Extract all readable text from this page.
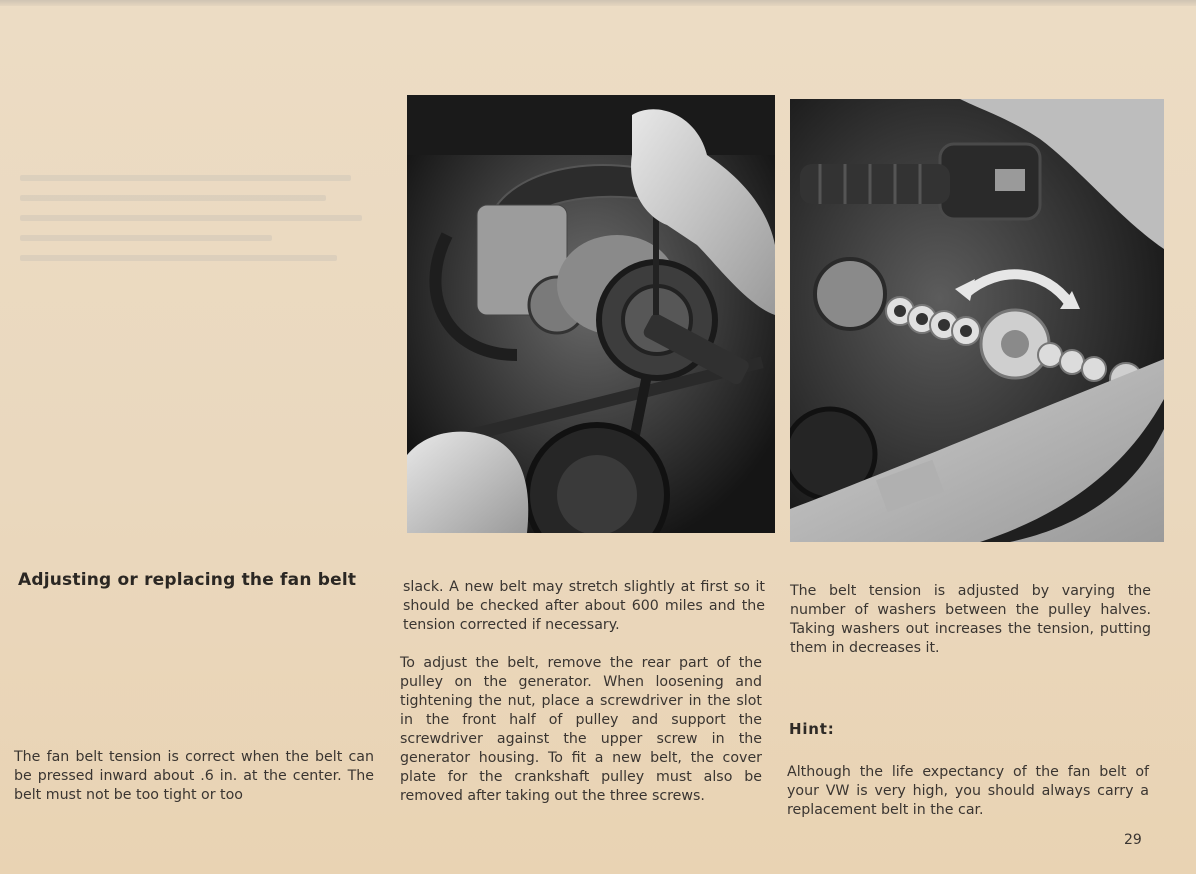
Adjusting or replacing the fan belt

The fan belt tension is correct when the belt can be pressed inward about .6 in. at the center. The belt must not be too tight or too

slack. A new belt may stretch slightly at first so it should be checked after about 600 miles and the tension corrected if necessary.

To adjust the belt, remove the rear part of the pulley on the generator. When loosening and tightening the nut, place a screwdriver in the slot in the front half of pulley and support the screwdriver against the upper screw in the generator housing. To fit a new belt, the cover plate for the crankshaft pulley must also be removed after taking out the three screws.

The belt tension is adjusted by varying the number of washers between the pulley halves. Taking washers out increases the tension, putting them in decreases it.

Hint:

Although the life expectancy of the fan belt of your VW is very high, you should always carry a replacement belt in the car.

29
